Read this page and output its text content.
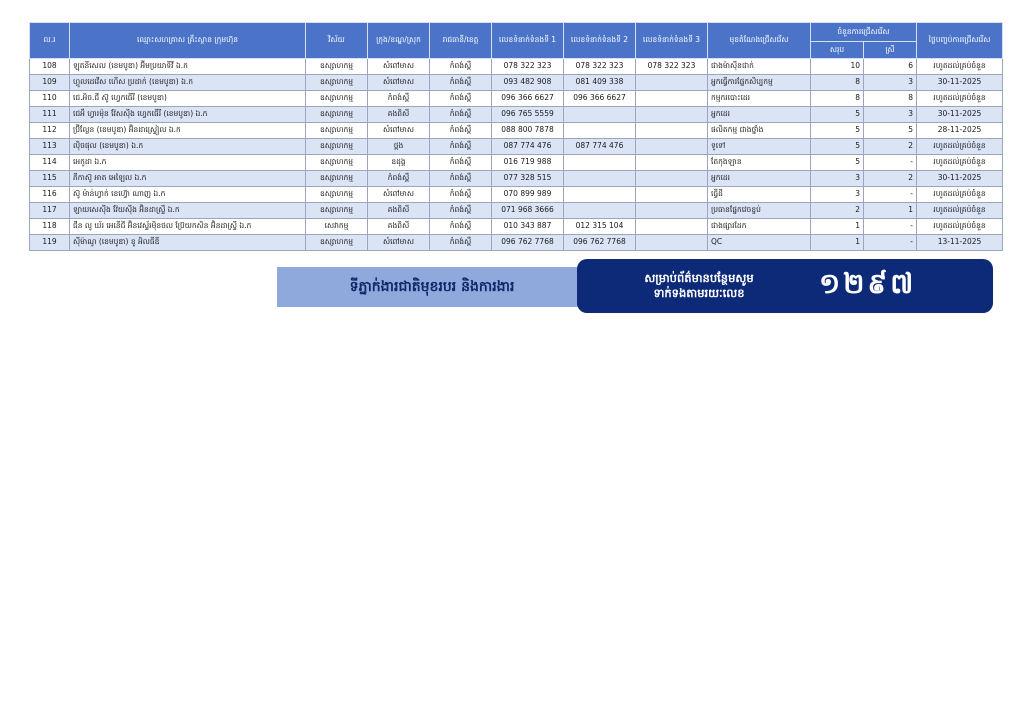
ល.រ	ឈ្មោះសហគ្រាស គ្រឹះស្ថាន ក្រុមហ៊ុន	វិស័យ	ក្រុង/ខណ្ឌ/ស្រុក	រាជធានី/ខេត្ត	លេខទំនាក់ទំនងទី 1	លេខទំនាក់ទំនងទី 2	លេខទំនាក់ទំនងទី 3	មុខតំណែងជ្រើសរើស	ចំនួនការជ្រើសរើស		ថ្ងៃបញ្ចប់ការជ្រើសរើស
									សរុប	ស្រី	
108	ឡុតនីសេល (ខេមបូឌា) អ៊ីមប្រយាទីវី ឯ.ក	ឧស្សាហកម្ម	សំពៅមាស	កំពង់ស្ពឺ	078 322 323	078 322 323	078 322 323	ជាងម៉ាស៊ីនជាក់	10	6	រហូតដល់គ្រប់ចំនួន
109	ហ្គូលដេវើស ហើស ប្រដាក់ (ខេមបូឌា) ឯ.ក	ឧស្សាហកម្ម	សំពៅមាស	កំពង់ស្ពឺ	093 482 908	081 409 338		អ្នកធ្វើការផ្នែកសិប្បកម្ម	8	3	30-11-2025
110	ជេ.អិច.ជី ស៊ូ ហ្វេកធើរី (ខេមបូឌា)	ឧស្សាហកម្ម	កំពង់ស្ពឺ	កំពង់ស្ពឺ	096 366 6627	096 366 6627		កម្មករបោះដេរ	8	8	រហូតដល់គ្រប់ចំនួន
111	ជេអឹ ហ្វារម៉ុន វ៉ែសស៊ីង ហ្វេកធើរី (ខេមបូឌា) ឯ.ក	ឧស្សាហកម្ម	គងពិសី	កំពង់ស្ពឺ	096 765 5559			អ្នកដេរ	5	3	30-11-2025
112	ប្រ៊ីល្លែន (ខេមបូឌា) អ៊ិនដាស្ទ្រៀល ឯ.ក	ឧស្សាហកម្ម	សំពៅមាស	កំពង់ស្ពឺ	088 800 7878			ផលិតកម្ម ជាងថ្នាំង	5	5	28-11-2025
113	ល៉ិចផុល (ខេមបូឌា) ឯ.ក	ឧស្សាហកម្ម	ថ្ពង	កំពង់ស្ពឺ	087 774 476	087 774 476		ទូទៅ	5	2	រហូតដល់គ្រប់ចំនួន
114	អេកូដា ឯ.ក	ឧស្សាហកម្ម	ឧដុង្គ	កំពង់ស្ពឺ	016 719 988			តែកុងឡាន	5	-	រហូតដល់គ្រប់ចំនួន
115	ភីកាស៊ូ អាត អេឡៃល ឯ.ក	ឧស្សាហកម្ម	កំពង់ស្ពឺ	កំពង់ស្ពឺ	077 328 515			អ្នកដេរ	3	2	30-11-2025
116	ស៊ូ ម៉ាន់ហ្វាក់ ខេហ្វ៊ោ ណាញ ឯ.ក	ឧស្សាហកម្ម	សំពៅមាស	កំពង់ស្ពឺ	070 899 989			ធ្វើដី	3	-	រហូតដល់គ្រប់ចំនួន
117	ឡាយសេស៊ីង វ៉ែយស៊ីង អ៊ិនដាស្ទ្រី ឯ.ក	ឧស្សាហកម្ម	គងពិសី	កំពង់ស្ពឺ	071 968 3666			ប្រធានផ្នែកវេចខ្ចប់	2	1	រហូតដល់គ្រប់ចំនួន
118	ជីន លូ ឃ័រ អេនើជី អ៊ិនវេស្ទ័រម៉ិនថល ប្រ៊ែយកសិន អ៊ិនដាស្ទ្រី ឯ.ក	សេវាកម្ម	គងពិសី	កំពង់ស្ពឺ	010 343 887	012 315 104		ជាងផ្សារដែក	1	-	រហូតដល់គ្រប់ចំនួន
119	ស៊ីម៉ាណូ (ខេមបូឌា) ខូ អិលធីឌី	ឧស្សាហកម្ម	សំពៅមាស	កំពង់ស្ពឺ	096 762 7768	096 762 7768		QC	1	-	13-11-2025
ទីភ្នាក់ងារជាតិមុខរបរ និងការងារ
សម្រាប់ព័ត៌មានបន្ថែមសូម
ទាក់ទងតាមរយៈលេខ	១២៩៧
